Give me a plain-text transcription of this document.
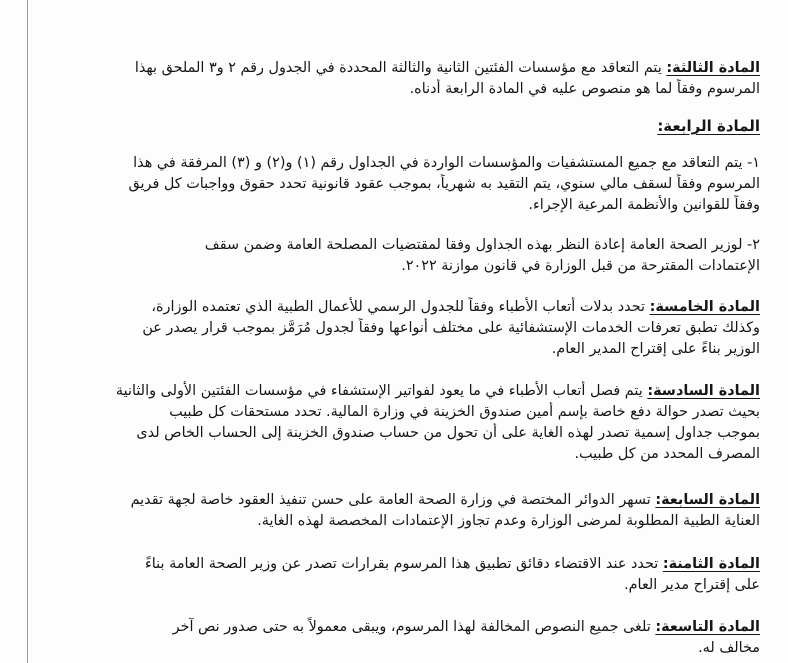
المادة الثالثة: يتم التعاقد مع مؤسسات الفئتين الثانية والثالثة المحددة في الجدول رقم ٢ و٣ الملحق بهذا
المرسوم وفقاً لما هو منصوص عليه في المادة الرابعة أدناه.
المادة الرابعة:
١- يتم التعاقد مع جميع المستشفيات والمؤسسات الواردة في الجداول رقم (١) و(٢) و (٣) المرفقة في هذا
المرسوم وفقاً لسقف مالي سنوي، يتم التقيد به شهرياً، بموجب عقود قانونية تحدد حقوق وواجبات كل فريق
وفقاً للقوانين والأنظمة المرعية الإجراء.
٢- لوزير الصحة العامة إعادة النظر بهذه الجداول وفقا لمقتضيات المصلحة العامة وضمن سقف
الإعتمادات المقترحة من قبل الوزارة في قانون موازنة ٢٠٢٢.
المادة الخامسة: تحدد بدلات أتعاب الأطباء وفقاً للجدول الرسمي للأعمال الطبية الذي تعتمده الوزارة،
وكذلك تطبق تعرفات الخدمات الإستشفائية على مختلف أنواعها وفقاً لجدول مُرَمَّز بموجب قرار يصدر عن
الوزير بناءً على إقتراح المدير العام.
المادة السادسة: يتم فصل أتعاب الأطباء في ما يعود لفواتير الإستشفاء في مؤسسات الفئتين الأولى والثانية
بحيث تصدر حوالة دفع خاصة بإسم أمين صندوق الخزينة في وزارة المالية. تحدد مستحقات كل طبيب
بموجب جداول إسمية تصدر لهذه الغاية على أن تحول من حساب صندوق الخزينة إلى الحساب الخاص لدى
المصرف المحدد من كل طبيب.
المادة السابعة: تسهر الدوائر المختصة في وزارة الصحة العامة على حسن تنفيذ العقود خاصة لجهة تقديم
العناية الطبية المطلوبة لمرضى الوزارة وعدم تجاوز الإعتمادات المخصصة لهذه الغاية.
المادة الثامنة: تحدد عند الاقتضاء دقائق تطبيق هذا المرسوم بقرارات تصدر عن وزير الصحة العامة بناءً
على إقتراح مدير العام.
المادة التاسعة: تلغى جميع النصوص المخالفة لهذا المرسوم، ويبقى معمولاً به حتى صدور نص آخر
مخالف له.
